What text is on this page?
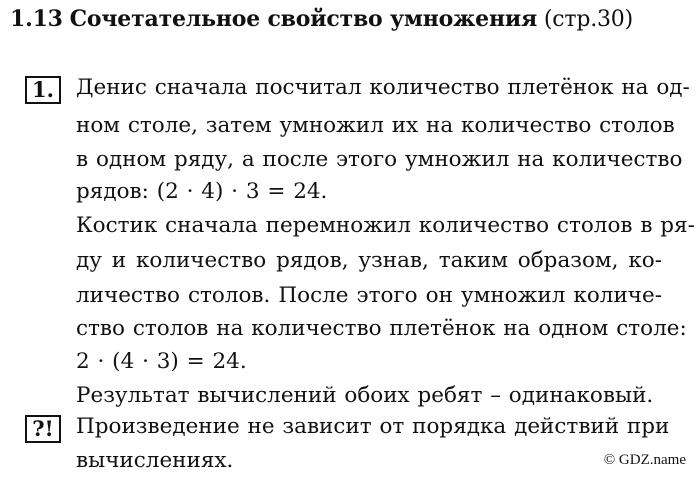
1.13 Сочетательное свойство умножения (стр.30)
1.	Денис сначала посчитал количество плетёнок на од-
ном столе, затем умножил их на количество столов
в одном ряду, а после этого умножил на количество
рядов: (2 · 4) · 3 = 24.
Костик сначала перемножил количество столов в ря-
ду и количество рядов, узнав, таким образом, ко-
личество столов. После этого он умножил количе-
ство столов на количество плетёнок на одном столе:
2 · (4 · 3) = 24.
Результат вычислений обоих ребят – одинаковый.
?!	Произведение не зависит от порядка действий при
вычислениях.	© GDZ.name
